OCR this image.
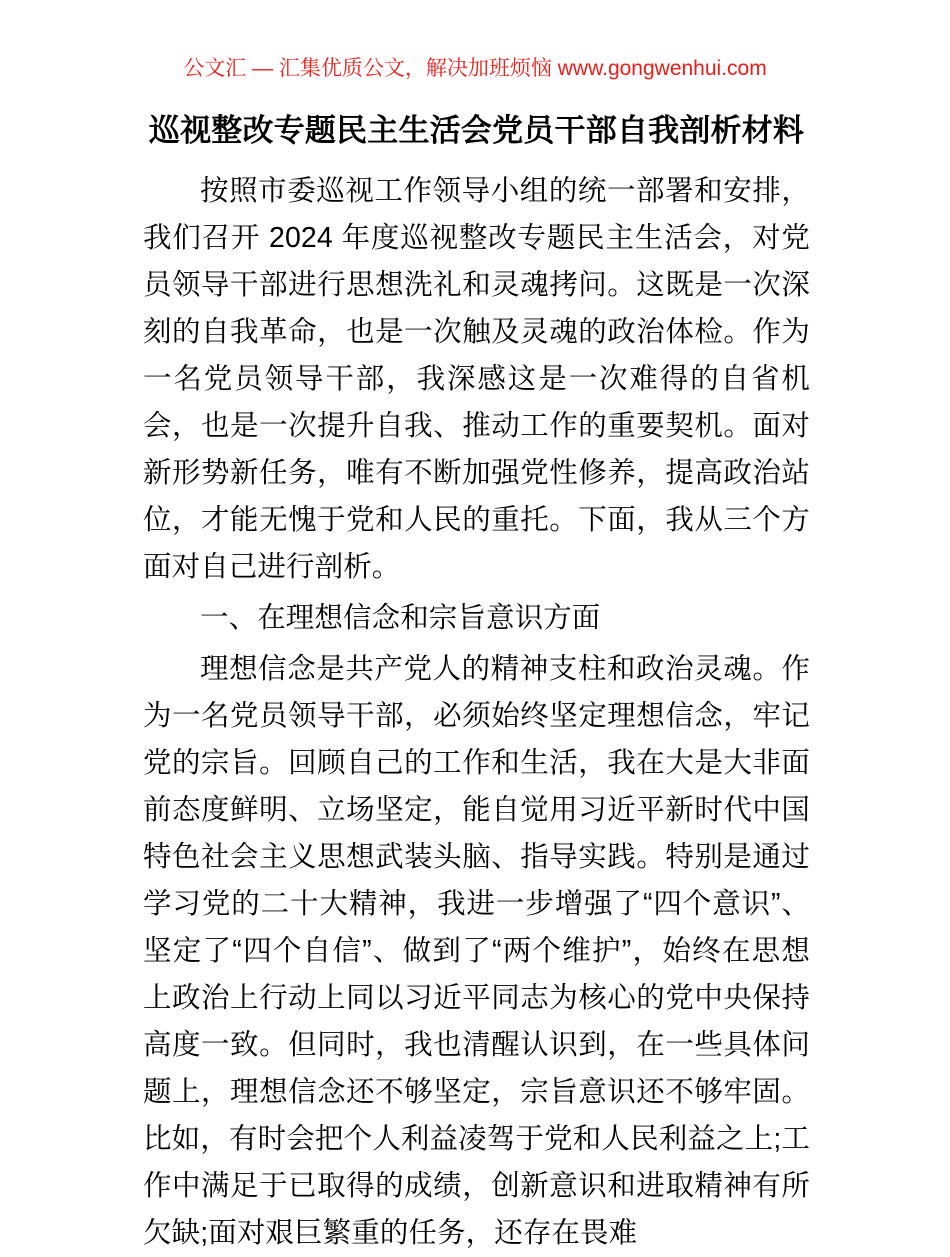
公文汇 — 汇集优质公文，解决加班烦恼 www.gongwenhui.com
巡视整改专题民主生活会党员干部自我剖析材料

按照市委巡视工作领导小组的统一部署和安排，我们召开 2024 年度巡视整改专题民主生活会，对党员领导干部进行思想洗礼和灵魂拷问。这既是一次深刻的自我革命，也是一次触及灵魂的政治体检。作为一名党员领导干部，我深感这是一次难得的自省机会，也是一次提升自我、推动工作的重要契机。面对新形势新任务，唯有不断加强党性修养，提高政治站位，才能无愧于党和人民的重托。下面，我从三个方面对自己进行剖析。

一、在理想信念和宗旨意识方面

理想信念是共产党人的精神支柱和政治灵魂。作为一名党员领导干部，必须始终坚定理想信念，牢记党的宗旨。回顾自己的工作和生活，我在大是大非面前态度鲜明、立场坚定，能自觉用习近平新时代中国特色社会主义思想武装头脑、指导实践。特别是通过学习党的二十大精神，我进一步增强了“四个意识”、坚定了“四个自信”、做到了“两个维护”，始终在思想上政治上行动上同以习近平同志为核心的党中央保持高度一致。但同时，我也清醒认识到，在一些具体问题上，理想信念还不够坚定，宗旨意识还不够牢固。比如，有时会把个人利益凌驾于党和人民利益之上;工作中满足于已取得的成绩，创新意识和进取精神有所欠缺;面对艰巨繁重的任务，还存在畏难
